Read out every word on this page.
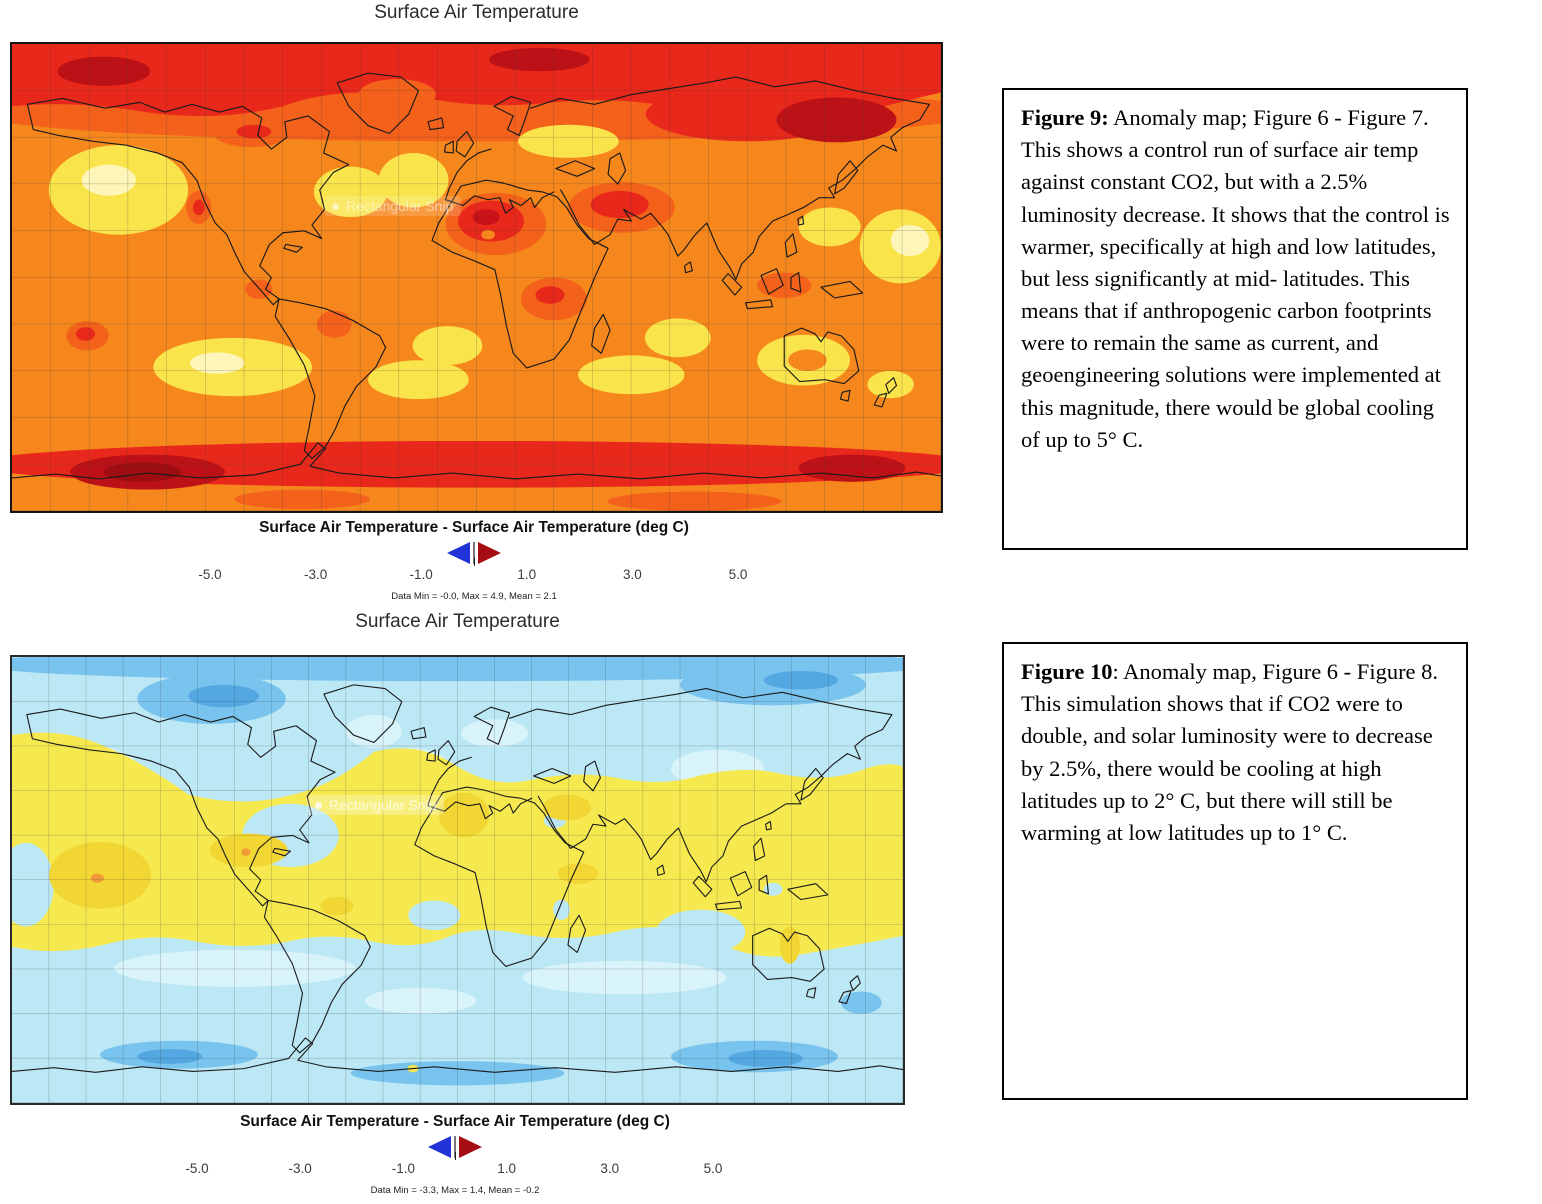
Surface Air Temperature
Rectangular Snip
Surface Air Temperature - Surface Air Temperature (deg C)
-5.0	-3.0	-1.0	1.0	3.0	5.0
Data Min = -0.0, Max = 4.9, Mean = 2.1
Surface Air Temperature
Rectangular Snip
Surface Air Temperature - Surface Air Temperature (deg C)
-5.0	-3.0	-1.0	1.0	3.0	5.0
Data Min = -3.3, Max = 1.4, Mean = -0.2
Figure 9: Anomaly map; Figure 6 - Figure 7. This shows a control run of surface air temp against constant CO2, but with a 2.5% luminosity decrease. It shows that the control is warmer, specifically at high and low latitudes, but less significantly at mid- latitudes. This means that if anthropogenic carbon footprints were to remain the same as current, and geoengineering solutions were implemented at this magnitude, there would be global cooling of up to 5° C.
Figure 10: Anomaly map, Figure 6 - Figure 8. This simulation shows that if CO2 were to double, and solar luminosity were to decrease by 2.5%, there would be cooling at high latitudes up to 2° C, but there will still be warming at low latitudes up to 1° C.
